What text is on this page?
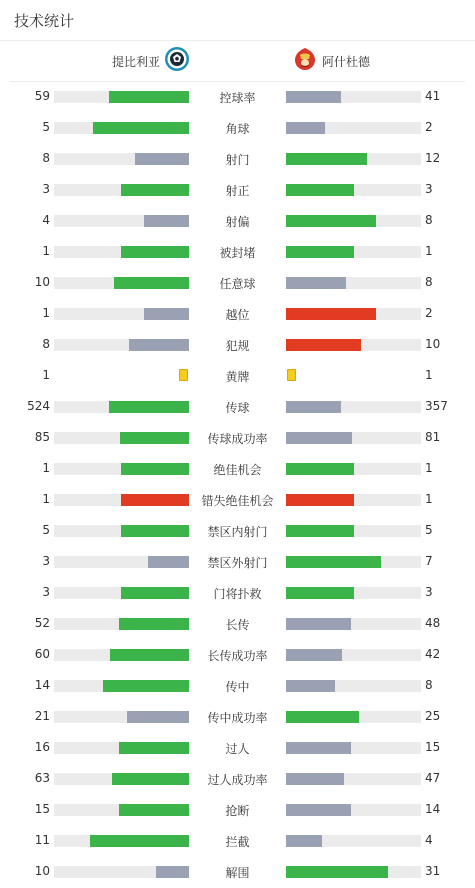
技术统计
提比利亚	阿什杜德
59	控球率	41
5	角球	2
8	射门	12
3	射正	3
4	射偏	8
1	被封堵	1
10	任意球	8
1	越位	2
8	犯规	10
1	黄牌	1
524	传球	357
85	传球成功率	81
1	绝佳机会	1
1	错失绝佳机会	1
5	禁区内射门	5
3	禁区外射门	7
3	门将扑救	3
52	长传	48
60	长传成功率	42
14	传中	8
21	传中成功率	25
16	过人	15
63	过人成功率	47
15	抢断	14
11	拦截	4
10	解围	31
